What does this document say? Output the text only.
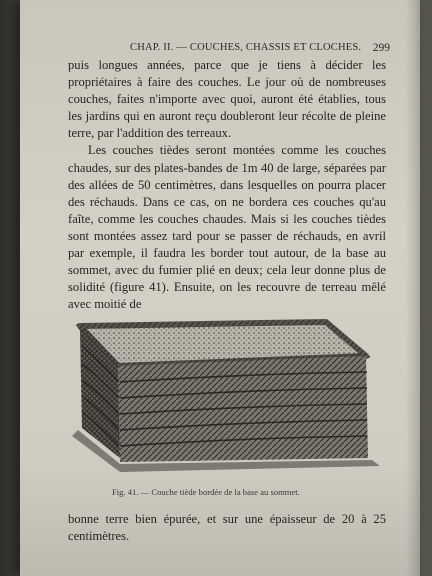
CHAP. II. — COUCHES, CHASSIS ET CLOCHES. 299

puis longues années, parce que je tiens à décider les propriétaires à faire des couches. Le jour où de nombreuses couches, faites n'importe avec quoi, auront été établies, tous les jardins qui en auront reçu doubleront leur récolte de pleine terre, par l'addition des terreaux.

Les couches tièdes seront montées comme les couches chaudes, sur des plates-bandes de 1m 40 de large, séparées par des allées de 50 centimètres, dans lesquelles on pourra placer des réchauds. Dans ce cas, on ne bordera ces couches qu'au faîte, comme les couches chaudes. Mais si les couches tièdes sont montées assez tard pour se passer de réchauds, en avril par exemple, il faudra les border tout autour, de la base au sommet, avec du fumier plié en deux; cela leur donne plus de solidité (figure 41). Ensuite, on les recouvre de terreau mêlé avec moitié de

Fig. 41. — Couche tiède bordée de la base au sommet.

bonne terre bien épurée, et sur une épaisseur de 20 à 25 centimètres.
